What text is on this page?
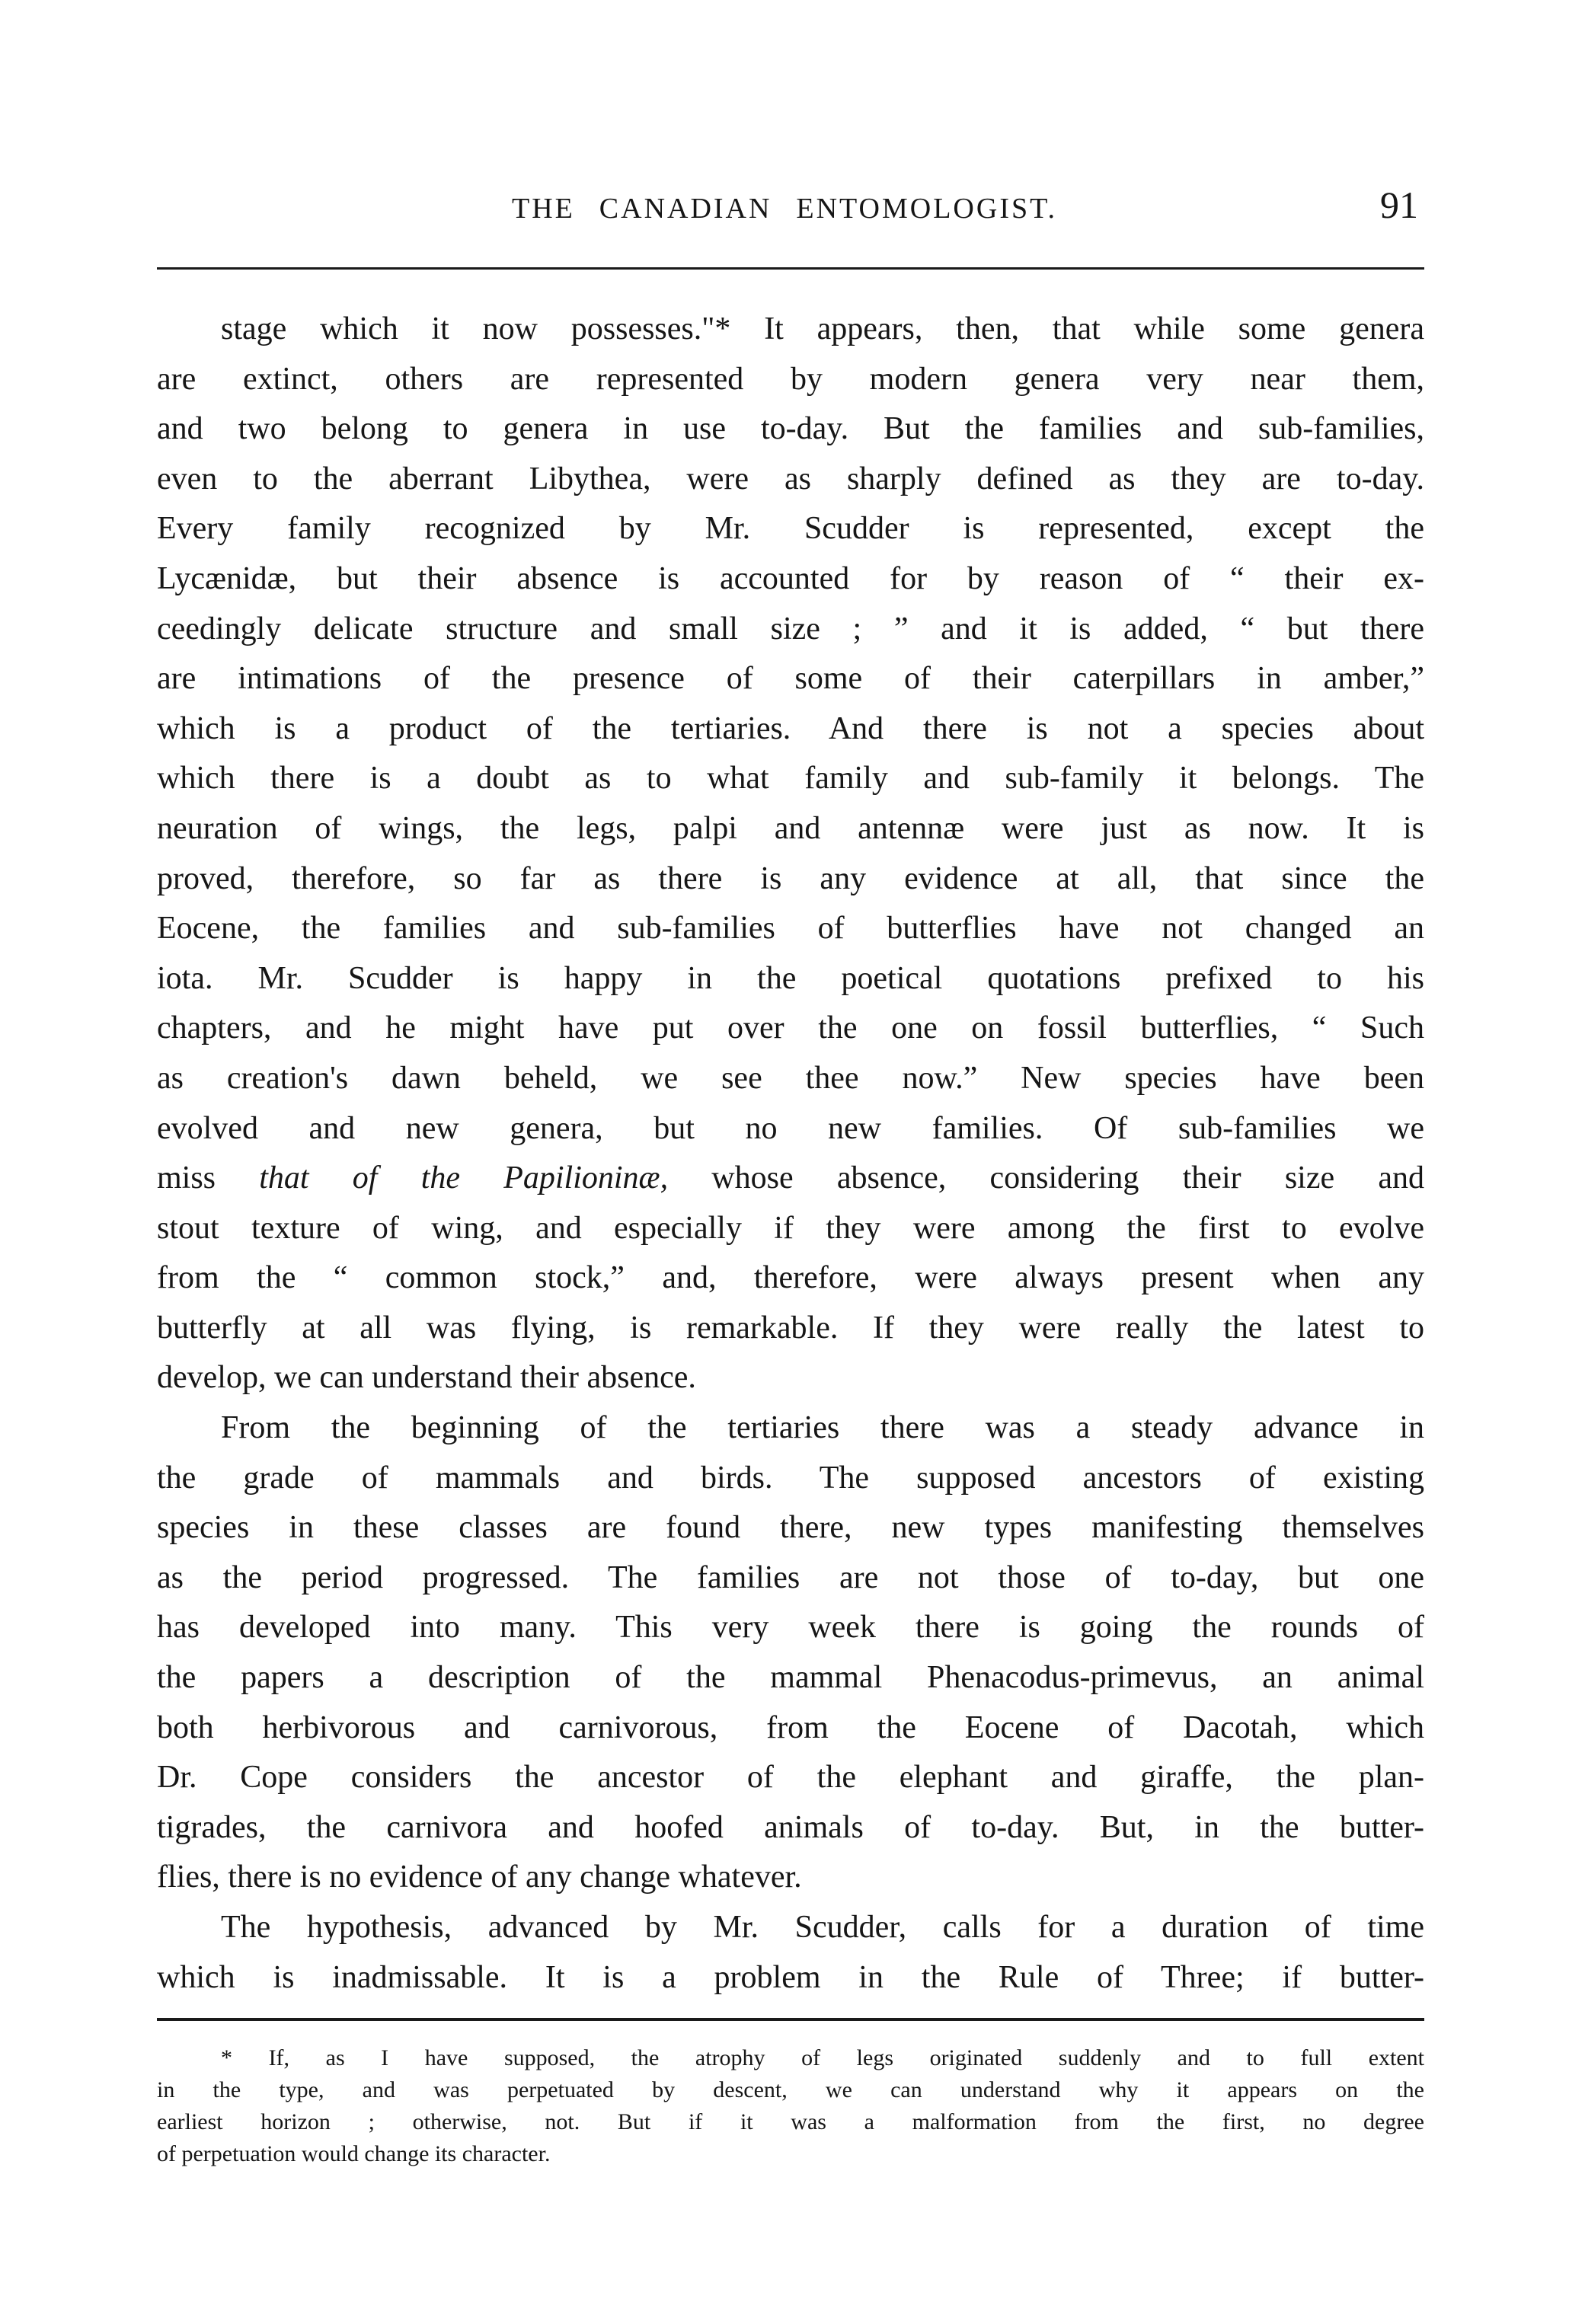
THE CANADIAN ENTOMOLOGIST.	91
stage which it now possesses."* It appears, then, that while some genera
are extinct, others are represented by modern genera very near them,
and two belong to genera in use to-day. But the families and sub-families,
even to the aberrant Libythea, were as sharply defined as they are to-day.
Every family recognized by Mr. Scudder is represented, except the
Lycænidæ, but their absence is accounted for by reason of “ their ex-
ceedingly delicate structure and small size ; ” and it is added, “ but there
are intimations of the presence of some of their caterpillars in amber,”
which is a product of the tertiaries. And there is not a species about
which there is a doubt as to what family and sub-family it belongs. The
neuration of wings, the legs, palpi and antennæ were just as now. It is
proved, therefore, so far as there is any evidence at all, that since the
Eocene, the families and sub-families of butterflies have not changed an
iota. Mr. Scudder is happy in the poetical quotations prefixed to his
chapters, and he might have put over the one on fossil butterflies, “ Such
as creation's dawn beheld, we see thee now.” New species have been
evolved and new genera, but no new families. Of sub-families we
miss that of the Papilioninæ, whose absence, considering their size and
stout texture of wing, and especially if they were among the first to evolve
from the “ common stock,” and, therefore, were always present when any
butterfly at all was flying, is remarkable. If they were really the latest to
develop, we can understand their absence.
From the beginning of the tertiaries there was a steady advance in
the grade of mammals and birds. The supposed ancestors of existing
species in these classes are found there, new types manifesting themselves
as the period progressed. The families are not those of to-day, but one
has developed into many. This very week there is going the rounds of
the papers a description of the mammal Phenacodus-primevus, an animal
both herbivorous and carnivorous, from the Eocene of Dacotah, which
Dr. Cope considers the ancestor of the elephant and giraffe, the plan-
tigrades, the carnivora and hoofed animals of to-day. But, in the butter-
flies, there is no evidence of any change whatever.
The hypothesis, advanced by Mr. Scudder, calls for a duration of time
which is inadmissable. It is a problem in the Rule of Three; if butter-
* If, as I have supposed, the atrophy of legs originated suddenly and to full extent
in the type, and was perpetuated by descent, we can understand why it appears on the
earliest horizon ; otherwise, not. But if it was a malformation from the first, no degree
of perpetuation would change its character.
